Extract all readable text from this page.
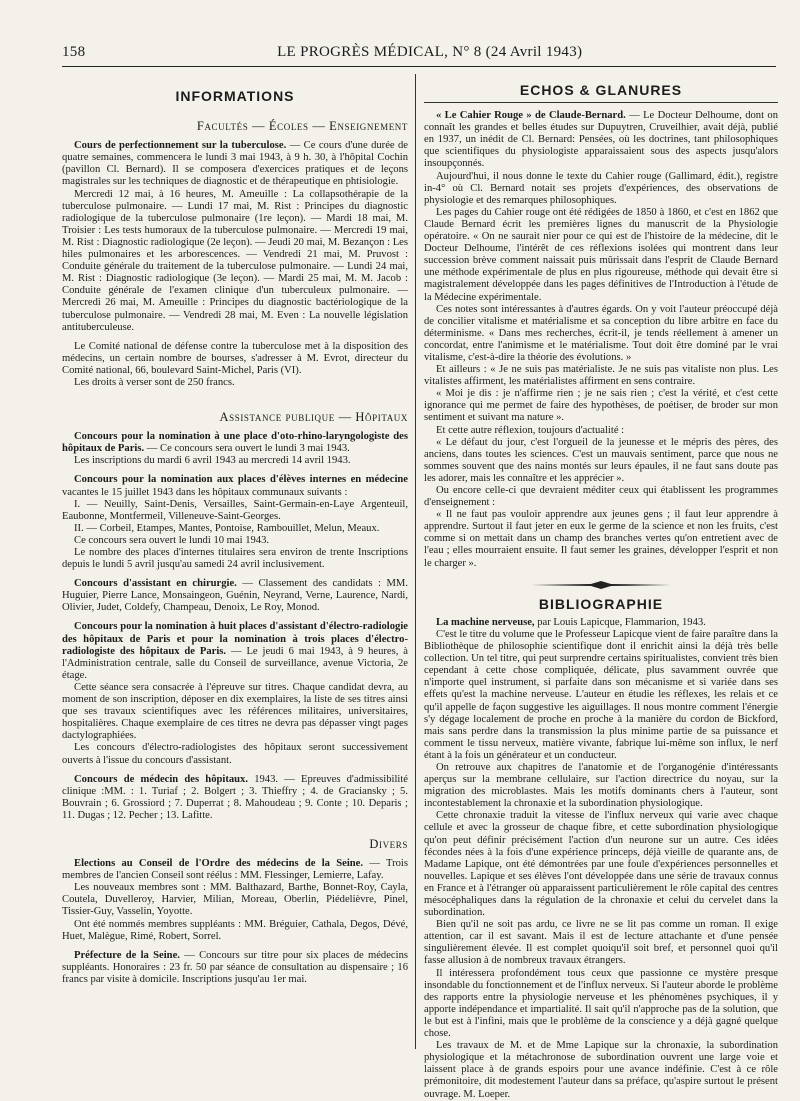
158	LE PROGRÈS MÉDICAL, N° 8 (24 Avril 1943)
INFORMATIONS
Facultés — Écoles — Enseignement

Cours de perfectionnement sur la tuberculose. — Ce cours d'une durée de quatre semaines, commencera le lundi 3 mai 1943, à 9 h. 30, à l'hôpital Cochin (pavillon Cl. Bernard). Il se composera d'exercices pratiques et de leçons magistrales sur les techniques de diagnostic et de thérapeutique en phtisiologie.

Mercredi 12 mai, à 16 heures, M. Ameuille : La collapsothérapie de la tuberculose pulmonaire. — Lundi 17 mai, M. Rist : Principes du diagnostic radiologique de la tuberculose pulmonaire (1re leçon). — Mardi 18 mai, M. Troisier : Les tests humoraux de la tuberculose pulmonaire. — Mercredi 19 mai, M. Rist : Diagnostic radiologique (2e leçon). — Jeudi 20 mai, M. Bezançon : Les hiles pulmonaires et les arborescences. — Vendredi 21 mai, M. Pruvost : Conduite générale du traitement de la tuberculose pulmonaire. — Lundi 24 mai, M. Rist : Diagnostic radiologique (3e leçon). — Mardi 25 mai, M. M. Jacob : Conduite générale de l'examen clinique d'un tuberculeux pulmonaire. — Mercredi 26 mai, M. Ameuille : Principes du diagnostic bactériologique de la tuberculose pulmonaire. — Vendredi 28 mai, M. Even : La nouvelle législation antituberculeuse.

Le Comité national de défense contre la tuberculose met à la disposition des médecins, un certain nombre de bourses, s'adresser à M. Evrot, directeur du Comité national, 66, boulevard Saint-Michel, Paris (VI).

Les droits à verser sont de 250 francs.

Assistance publique — Hôpitaux

Concours pour la nomination à une place d'oto-rhino-laryngologiste des hôpitaux de Paris. — Ce concours sera ouvert le lundi 3 mai 1943.

Les inscriptions du mardi 6 avril 1943 au mercredi 14 avril 1943.

Concours pour la nomination aux places d'élèves internes en médecine vacantes le 15 juillet 1943 dans les hôpitaux communaux suivants :

I. — Neuilly, Saint-Denis, Versailles, Saint-Germain-en-Laye Argenteuil, Eaubonne, Montfermeil, Villeneuve-Saint-Georges.

II. — Corbeil, Etampes, Mantes, Pontoise, Rambouillet, Melun, Meaux.

Ce concours sera ouvert le lundi 10 mai 1943.

Le nombre des places d'internes titulaires sera environ de trente Inscriptions depuis le lundi 5 avril jusqu'au samedi 24 avril inclusivement.

Concours d'assistant en chirurgie. — Classement des candidats : MM. Huguier, Pierre Lance, Monsaingeon, Guénin, Neyrand, Verne, Laurence, Nardi, Olivier, Judet, Coldefy, Champeau, Denoix, Le Roy, Monod.

Concours pour la nomination à huit places d'assistant d'électro-radiologie des hôpitaux de Paris et pour la nomination à trois places d'électro-radiologiste des hôpitaux de Paris. — Le jeudi 6 mai 1943, à 9 heures, à l'Administration centrale, salle du Conseil de surveillance, avenue Victoria, 2e étage.

Cette séance sera consacrée à l'épreuve sur titres. Chaque candidat devra, au moment de son inscription, déposer en dix exemplaires, la liste de ses titres ainsi que ses travaux scientifiques avec les références militaires, universitaires, hospitalières. Chaque exemplaire de ces titres ne devra pas dépasser vingt pages dactylographiées.

Les concours d'électro-radiologistes des hôpitaux seront successivement ouverts à l'issue du concours d'assistant.

Concours de médecin des hôpitaux. 1943. — Epreuves d'admissibilité clinique :MM. : 1. Turiaf ; 2. Bolgert ; 3. Thieffry ; 4. de Graciansky ; 5. Bouvrain ; 6. Grossiord ; 7. Duperrat ; 8. Mahoudeau ; 9. Conte ; 10. Deparis ; 11. Dugas ; 12. Pecher ; 13. Lafitte.

Divers

Elections au Conseil de l'Ordre des médecins de la Seine. — Trois membres de l'ancien Conseil sont réélus : MM. Flessinger, Lemierre, Lafay.

Les nouveaux membres sont : MM. Balthazard, Barthe, Bonnet-Roy, Cayla, Coutela, Duvelleroy, Harvier, Milian, Moreau, Oberlin, Piédelièvre, Pinel, Tissier-Guy, Vasselin, Yoyotte.

Ont été nommés membres suppléants : MM. Bréguier, Cathala, Degos, Dévé, Huet, Malègue, Rimé, Robert, Sorrel.

Préfecture de la Seine. — Concours sur titre pour six places de médecins suppléants. Honoraires : 23 fr. 50 par séance de consultation au dispensaire ; 16 francs par visite à domicile. Inscriptions jusqu'au 1er mai.

ECHOS & GLANURES

« Le Cahier Rouge » de Claude-Bernard. — Le Docteur Delhoume, dont on connaît les grandes et belles études sur Dupuytren, Cruveilhier, avait déjà, publié en 1937, un inédit de Cl. Bernard: Pensées, où les doctrines, tant philosophiques que scientifiques du physiologiste apparaissaient sous des aspects jusqu'alors insoupçonnés.

Aujourd'hui, il nous donne le texte du Cahier rouge (Gallimard, édit.), registre in-4° où Cl. Bernard notait ses projets d'expériences, des observations de physiologie et des remarques philosophiques.

Les pages du Cahier rouge ont été rédigées de 1850 à 1860, et c'est en 1862 que Claude Bernard écrit les premières lignes du manuscrit de la Physiologie opératoire. « On ne saurait nier pour ce qui est de l'histoire de la médecine, dit le Docteur Delhoume, l'intérêt de ces réflexions isolées qui montrent dans leur succession brève comment naissait puis mûrissait dans l'esprit de Claude Bernard une méthode expérimentale de plus en plus rigoureuse, méthode qui devait être si magistralement développée dans les pages définitives de l'Introduction à l'étude de la Médecine expérimentale.

Ces notes sont intéressantes à d'autres égards. On y voit l'auteur préoccupé déjà de concilier vitalisme et matérialisme et sa conception du libre arbitre en face du déterminisme. « Dans mes recherches, écrit-il, je tends réellement à amener un concordat, entre l'animisme et le matérialisme. Tout doit être dominé par le vrai vitalisme, c'est-à-dire la théorie des évolutions. »

Et ailleurs : « Je ne suis pas matérialiste. Je ne suis pas vitaliste non plus. Les vitalistes affirment, les matérialistes affirment en sens contraire.

« Moi je dis : je n'affirme rien ; je ne sais rien ; c'est la vérité, et c'est cette ignorance qui me permet de faire des hypothèses, de poétiser, de broder sur mon sentiment et suivant ma nature ».

Et cette autre réflexion, toujours d'actualité :

« Le défaut du jour, c'est l'orgueil de la jeunesse et le mépris des pères, des anciens, dans toutes les sciences. C'est un mauvais sentiment, parce que nous ne sommes souvent que des nains montés sur leurs épaules, il ne faut sans doute pas les adorer, mais les connaître et les apprécier ».

Ou encore celle-ci que devraient méditer ceux qui établissent les programmes d'enseignement :

« Il ne faut pas vouloir apprendre aux jeunes gens ; il faut leur apprendre à apprendre. Surtout il faut jeter en eux le germe de la science et non les fruits, c'est comme si on mettait dans un champ des branches vertes qu'on entretient avec de l'eau ; elles mourraient ensuite. Il faut semer les graines, développer l'esprit et non le charger ».

BIBLIOGRAPHIE

La machine nerveuse, par Louis Lapicque, Flammarion, 1943.

C'est le titre du volume que le Professeur Lapicque vient de faire paraître dans la Bibliothèque de philosophie scientifique dont il enrichit ainsi la déjà très belle collection. Un tel titre, qui peut surprendre certains spiritualistes, convient très bien cependant à cette chose compliquée, délicate, plus savamment ouvrée que n'importe quel instrument, si parfaite dans son mécanisme et si variée dans ses effets qu'est la machine nerveuse. L'auteur en étudie les réflexes, les relais et ce qu'il appelle de façon suggestive les aiguillages. Il nous montre comment l'énergie s'y dégage localement de proche en proche à la manière du cordon de Bickford, mais sans perdre dans la transmission la plus minime partie de sa puissance et comment le tissu nerveux, matière vivante, fabrique lui-même son influx, le nerf étant à la fois un générateur et un conducteur.

On retrouve aux chapitres de l'anatomie et de l'organogénie d'intéressants aperçus sur la membrane cellulaire, sur l'action directrice du noyau, sur la migration des microblastes. Mais les motifs dominants chers à l'auteur, sont incontestablement la chronaxie et la subordination physiologique.

Cette chronaxie traduit la vitesse de l'influx nerveux qui varie avec chaque cellule et avec la grosseur de chaque fibre, et cette subordination physiologique qu'on peut définir précisément l'action d'un neurone sur un autre. Ces idées fécondes nées à la fois d'une expérience princeps, déjà vieille de quarante ans, de Madame Lapique, ont été démontrées par une foule d'expériences personnelles et nouvelles. Lapique et ses élèves l'ont développée dans une série de travaux connus en France et à l'étranger où apparaissent particulièrement le rôle capital des centres mésocéphaliques dans la régulation de la chronaxie et celui du cervelet dans la subordination.

Bien qu'il ne soit pas ardu, ce livre ne se lit pas comme un roman. Il exige attention, car il est savant. Mais il est de lecture attachante et d'une pensée singulièrement élevée. Il est complet quoiqu'il soit bref, et personnel quoi qu'il fasse allusion à de nombreux travaux étrangers.

Il intéressera profondément tous ceux que passionne ce mystère presque insondable du fonctionnement et de l'influx nerveux. Si l'auteur aborde le problème des rapports entre la physiologie nerveuse et les phénomènes psychiques, il y apporte indépendance et impartialité. Il sait qu'il n'approche pas de la solution, que le but est à l'infini, mais que le problème de la conscience y a déjà gagné quelque chose.

Les travaux de M. et de Mme Lapique sur la chronaxie, la subordination physiologique et la métachronose de subordination ouvrent une large voie et laissent place à de grands espoirs pour une avance indéfinie. C'est à ce rôle prémonitoire, dit modestement l'auteur dans sa préface, qu'aspire surtout le présent ouvrage. M. Loeper.
